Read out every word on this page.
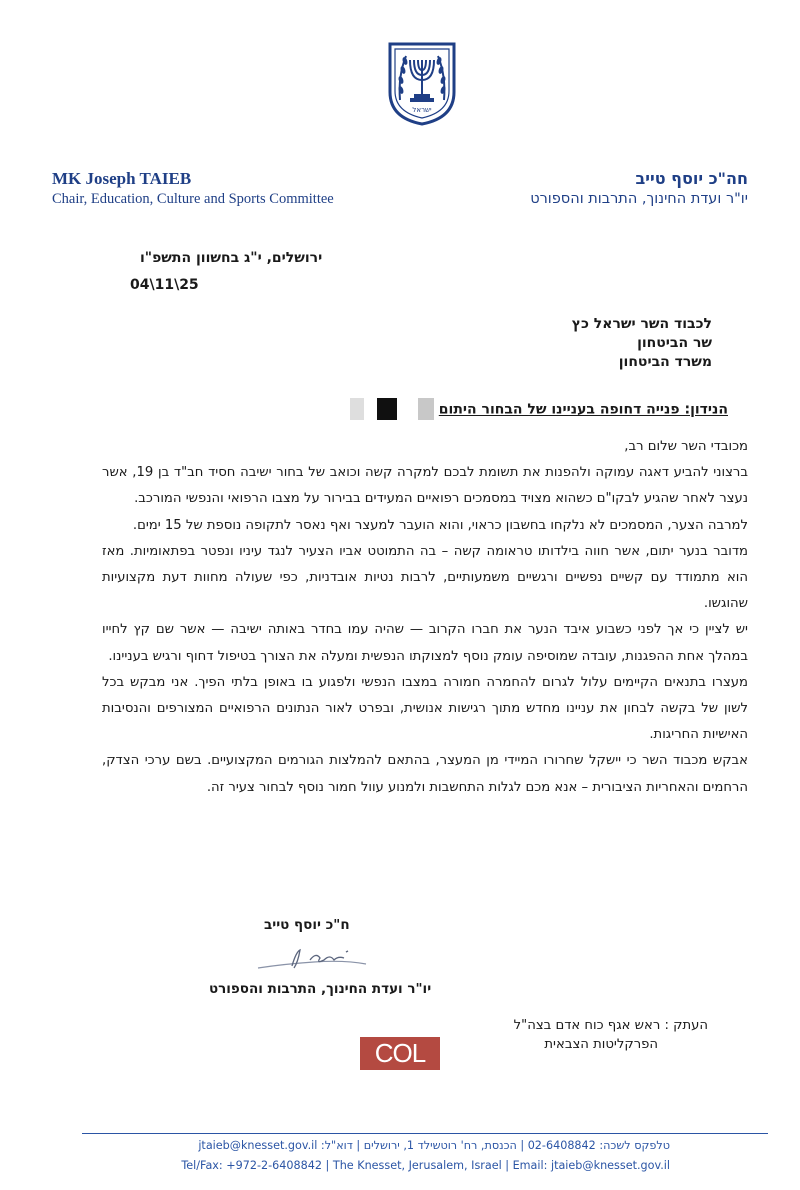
ישראל
MK Joseph TAIEB
Chair, Education, Culture and Sports Committee
חה"כ יוסף טייב
יו"ר ועדת החינוך, התרבות והספורט
ירושלים, י"ג בחשוון התשפ"ו
04\11\25
לכבוד השר ישראל כץ
שר הביטחון
משרד הביטחון
הנידון: פנייה דחופה בעניינו של הבחור היתום

מכובדי השר שלום רב,

ברצוני להביע דאגה עמוקה ולהפנות את תשומת לבכם למקרה קשה וכואב של בחור ישיבה חסיד חב"ד בן 19, אשר נעצר לאחר שהגיע לבקו"ם כשהוא מצויד במסמכים רפואיים המעידים בבירור על מצבו הרפואי והנפשי המורכב.

למרבה הצער, המסמכים לא נלקחו בחשבון כראוי, והוא הועבר למעצר ואף נאסר לתקופה נוספת של 15 ימים.

מדובר בנער יתום, אשר חווה בילדותו טראומה קשה – בה התמוטט אביו הצעיר לנגד עיניו ונפטר בפתאומיות. מאז הוא מתמודד עם קשיים נפשיים ורגשיים משמעותיים, לרבות נטיות אובדניות, כפי שעולה מחוות דעת מקצועיות שהוגשו.

יש לציין כי אך לפני כשבוע איבד הנער את חברו הקרוב — שהיה עמו בחדר באותה ישיבה — אשר שם קץ לחייו במהלך אחת ההפגנות, עובדה שמוסיפה עומק נוסף למצוקתו הנפשית ומעלה את הצורך בטיפול דחוף ורגיש בעניינו.

מעצרו בתנאים הקיימים עלול לגרום להחמרה חמורה במצבו הנפשי ולפגוע בו באופן בלתי הפיך. אני מבקש בכל לשון של בקשה לבחון את עניינו מחדש מתוך רגישות אנושית, ובפרט לאור הנתונים הרפואיים המצורפים והנסיבות האישיות החריגות.

אבקש מכבוד השר כי יישקל שחרורו המיידי מן המעצר, בהתאם להמלצות הגורמים המקצועיים. בשם ערכי הצדק, הרחמים והאחריות הציבורית – אנא מכם לגלות התחשבות ולמנוע עוול חמור נוסף לבחור צעיר זה.

ח"כ יוסף טייב
יו"ר ועדת החינוך, התרבות והספורט
העתק : ראש אגף כוח אדם בצה"ל
הפרקליטות הצבאית
COL
טלפקס לשכה: 02-6408842 | הכנסת, רח' רוטשילד 1, ירושלים | דוא"ל: jtaieb@knesset.gov.il
Tel/Fax: +972-2-6408842 | The Knesset, Jerusalem, Israel | Email: jtaieb@knesset.gov.il
